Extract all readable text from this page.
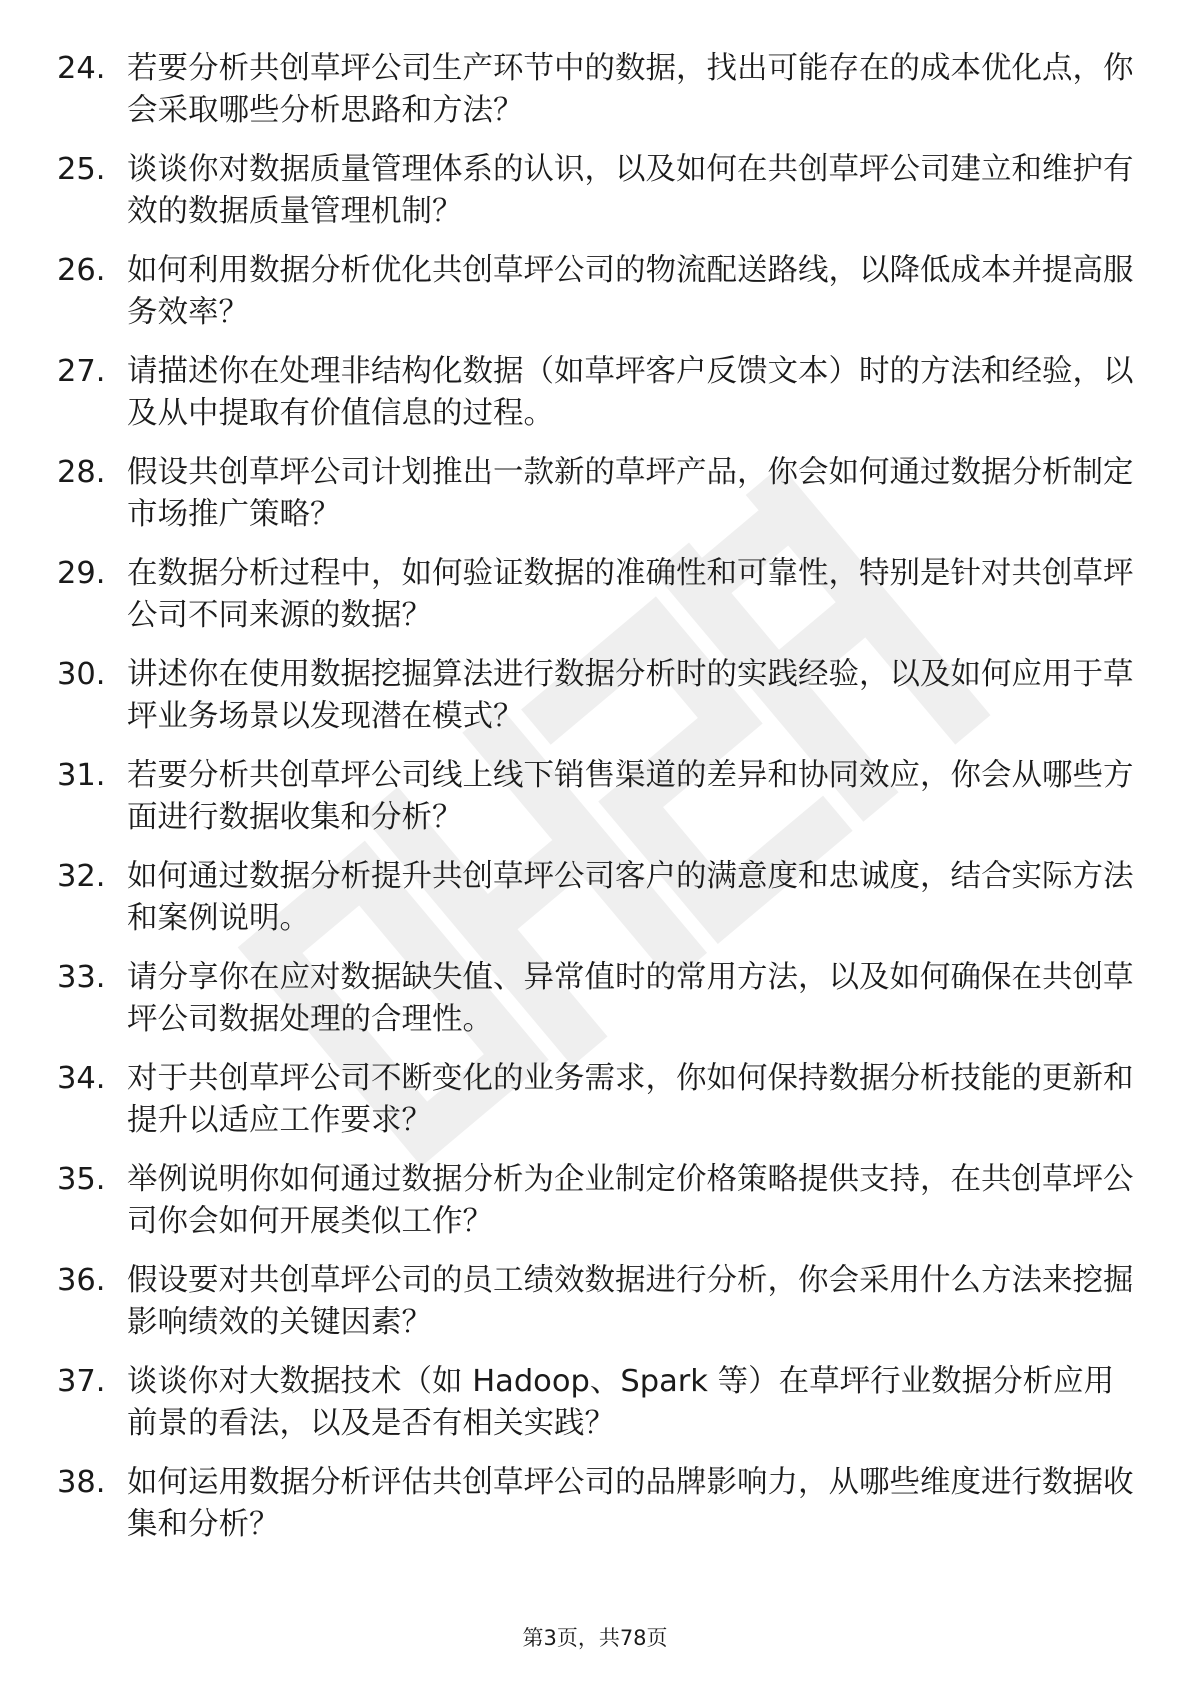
24. 若要分析共创草坪公司生产环节中的数据，找出可能存在的成本优化点，你会采取哪些分析思路和方法？
25. 谈谈你对数据质量管理体系的认识，以及如何在共创草坪公司建立和维护有效的数据质量管理机制？
26. 如何利用数据分析优化共创草坪公司的物流配送路线，以降低成本并提高服务效率？
27. 请描述你在处理非结构化数据（如草坪客户反馈文本）时的方法和经验，以及从中提取有价值信息的过程。
28. 假设共创草坪公司计划推出一款新的草坪产品，你会如何通过数据分析制定市场推广策略？
29. 在数据分析过程中，如何验证数据的准确性和可靠性，特别是针对共创草坪公司不同来源的数据？
30. 讲述你在使用数据挖掘算法进行数据分析时的实践经验，以及如何应用于草坪业务场景以发现潜在模式？
31. 若要分析共创草坪公司线上线下销售渠道的差异和协同效应，你会从哪些方面进行数据收集和分析？
32. 如何通过数据分析提升共创草坪公司客户的满意度和忠诚度，结合实际方法和案例说明。
33. 请分享你在应对数据缺失值、异常值时的常用方法，以及如何确保在共创草坪公司数据处理的合理性。
34. 对于共创草坪公司不断变化的业务需求，你如何保持数据分析技能的更新和提升以适应工作要求？
35. 举例说明你如何通过数据分析为企业制定价格策略提供支持，在共创草坪公司你会如何开展类似工作？
36. 假设要对共创草坪公司的员工绩效数据进行分析，你会采用什么方法来挖掘影响绩效的关键因素？
37. 谈谈你对大数据技术（如 Hadoop、Spark 等）在草坪行业数据分析应用前景的看法，以及是否有相关实践？
38. 如何运用数据分析评估共创草坪公司的品牌影响力，从哪些维度进行数据收集和分析？
第3页，共78页
